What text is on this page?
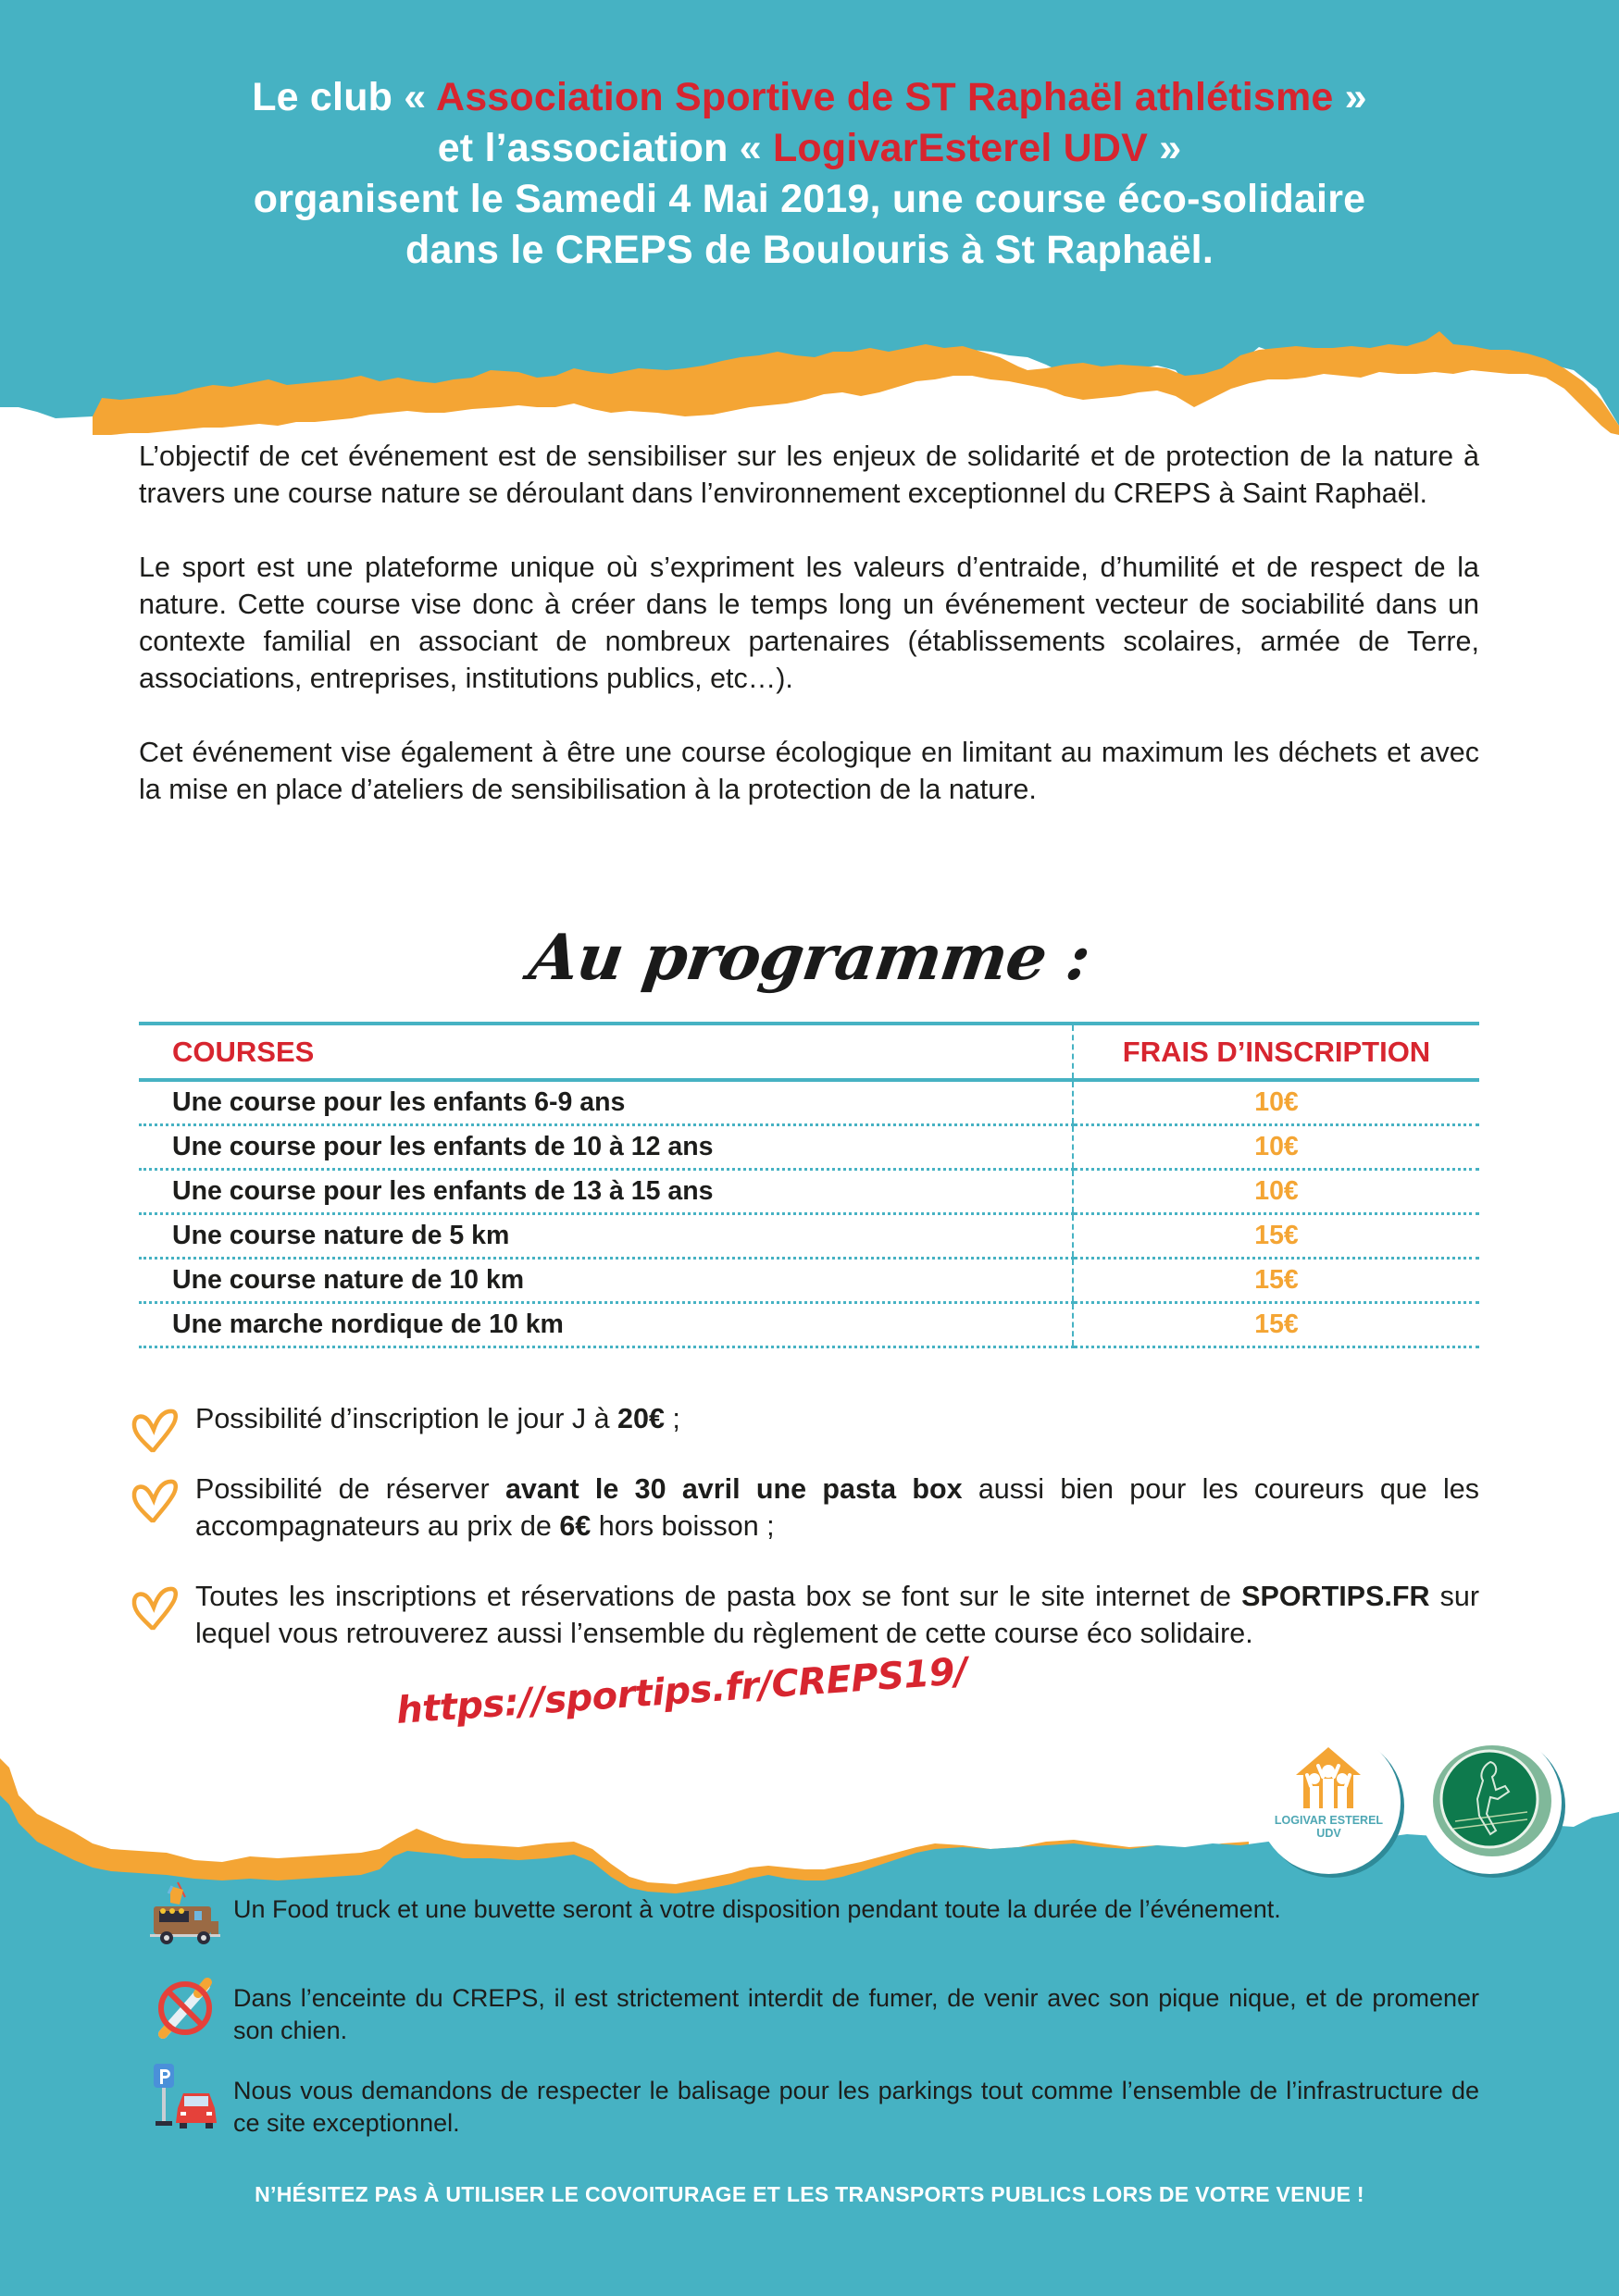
Le club « Association Sportive de ST Raphaël athlétisme »
et l’association « LogivarEsterel UDV »
organisent le Samedi 4 Mai 2019, une course éco-solidaire
dans le CREPS de Boulouris à St Raphaël.

L’objectif de cet événement est de sensibiliser sur les enjeux de solidarité et de protection de la nature à travers une course nature se déroulant dans l’environnement exceptionnel du CREPS à Saint Raphaël.

Le sport est une plateforme unique où s’expriment les valeurs d’entraide, d’humilité et de respect de la nature. Cette course vise donc à créer dans le temps long un événement vecteur de sociabilité dans un contexte familial en associant de nombreux partenaires (établissements scolaires, armée de Terre, associations, entreprises, institutions publics, etc…).

Cet événement vise également à être une course écologique en limitant au maximum les déchets et avec la mise en place d’ateliers de sensibilisation à la protection de la nature.

Au programme :
COURSES	FRAIS D’INSCRIPTION
Une course pour les enfants 6-9 ans	10€
Une course pour les enfants de 10 à 12 ans	10€
Une course pour les enfants de 13 à 15 ans	10€
Une course nature de 5 km	15€
Une course nature de 10 km	15€
Une marche nordique de 10 km	15€
Possibilité d’inscription le jour J à 20€ ;
Possibilité de réserver avant le 30 avril une pasta box aussi bien pour les coureurs que les accompagnateurs au prix de 6€ hors boisson ;
Toutes les inscriptions et réservations de pasta box se font sur le site internet de SPORTIPS.FR sur lequel vous retrouverez aussi l’ensemble du règlement de cette course éco solidaire.
https://sportips.fr/CREPS19/
LOGIVAR ESTEREL
UDV
Un Food truck et une buvette seront à votre disposition pendant toute la durée de l’événement.
Dans l’enceinte du CREPS, il est strictement interdit de fumer, de venir avec son pique nique, et de promener son chien.
Nous vous demandons de respecter le balisage pour les parkings tout comme l’ensemble de l’infrastructure de ce site exceptionnel.
N’HÉSITEZ PAS À UTILISER LE COVOITURAGE ET LES TRANSPORTS PUBLICS LORS DE VOTRE VENUE !
